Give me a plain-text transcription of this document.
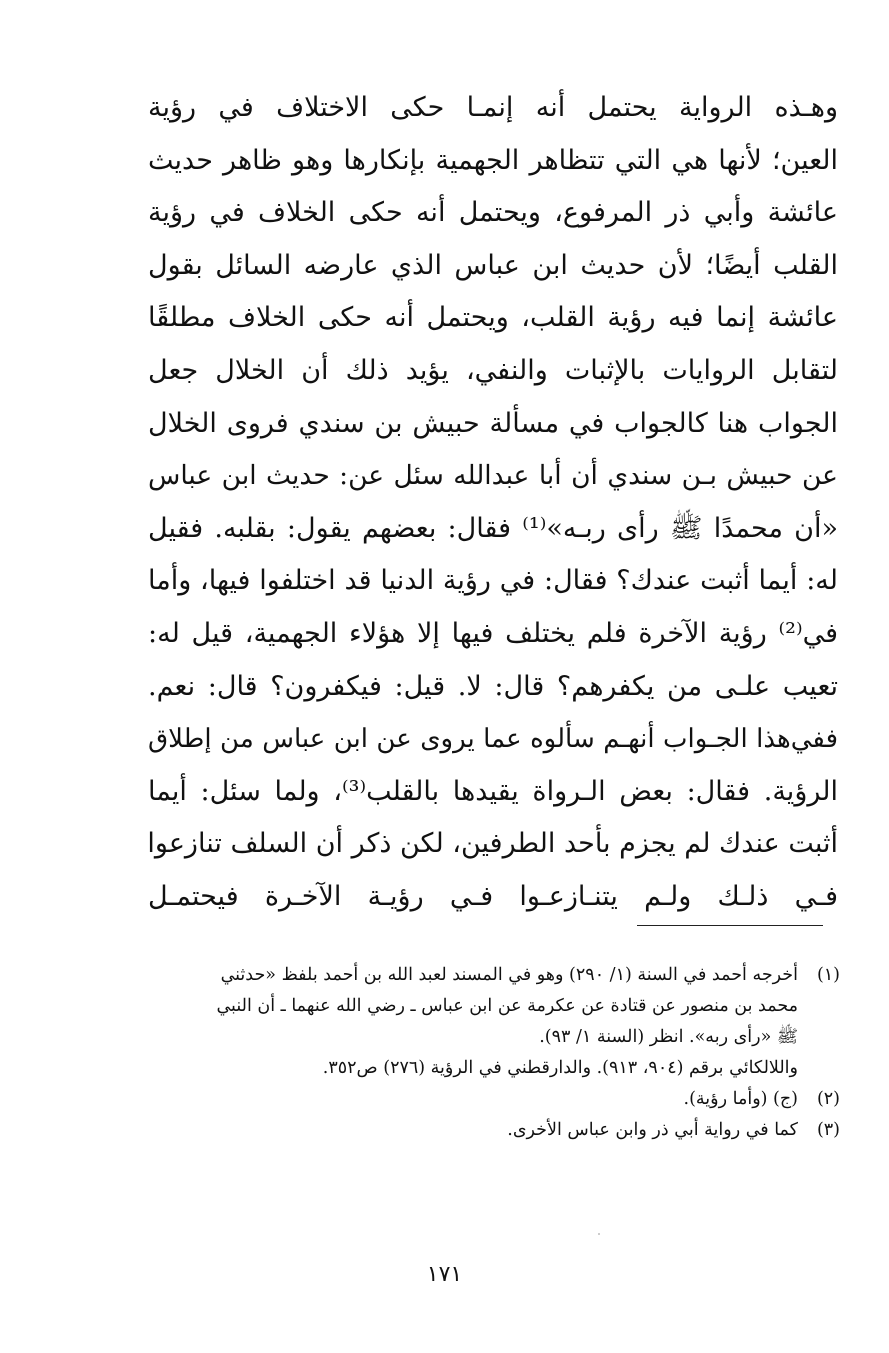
وهـذه الرواية يحتمل أنه إنمـا حكى الاختلاف في رؤية
العين؛ لأنها هي التي تتظاهر الجهمية بإنكارها وهو ظاهر حديث
عائشة وأبي ذر المرفوع، ويحتمل أنه حكى الخلاف في رؤية
القلب أيضًا؛ لأن حديث ابن عباس الذي عارضه السائل بقول
عائشة إنما فيه رؤية القلب، ويحتمل أنه حكى الخلاف مطلقًا
لتقابل الروايات بالإثبات والنفي، يؤيد ذلك أن الخلال جعل
الجواب هنا كالجواب في مسألة حبيش بن سندي فروى الخلال
عن حبيش بـن سندي أن أبا عبدالله سئل عن: حديث ابن عباس
«أن محمدًا ﷺ رأى ربـه»⁽¹⁾ فقال: بعضهم يقول: بقلبه. فقيل
له: أيما أثبت عندك؟ فقال: في رؤية الدنيا قد اختلفوا فيها، وأما
في⁽²⁾ رؤية الآخرة فلم يختلف فيها إلا هؤلاء الجهمية، قيل له:
تعيب علـى من يكفرهم؟ قال: لا. قيل: فيكفرون؟ قال: نعم.
ففي‌هذا الجـواب أنهـم سألوه عما يروى عن ابن عباس من إطلاق
الرؤية. فقال: بعض الـرواة يقيدها بالقلب⁽³⁾، ولما سئل: أيما
أثبت عندك لم يجزم بأحد الطرفين، لكن ذكر أن السلف تنازعوا
فـي ذلـك ولـم يتنـازعـوا فـي رؤيـة الآخـرة فيحتمـل
(١)
أخرجه أحمد في السنة (١/ ٢٩٠) وهو في المسند لعبد الله بن أحمد بلفظ «حدثني
محمد بن منصور عن قتادة عن عكرمة عن ابن عباس ـ رضي الله عنهما ـ أن النبي
ﷺ «رأى ربه». انظر (السنة ١/ ٩٣).
واللالكائي برقم (٩٠٤، ٩١٣). والدارقطني في الرؤية (٢٧٦) ص٣٥٢.
(٢)
(ج) (وأما رؤية).
(٣)
كما في رواية أبي ذر وابن عباس الأخرى.
١٧١
